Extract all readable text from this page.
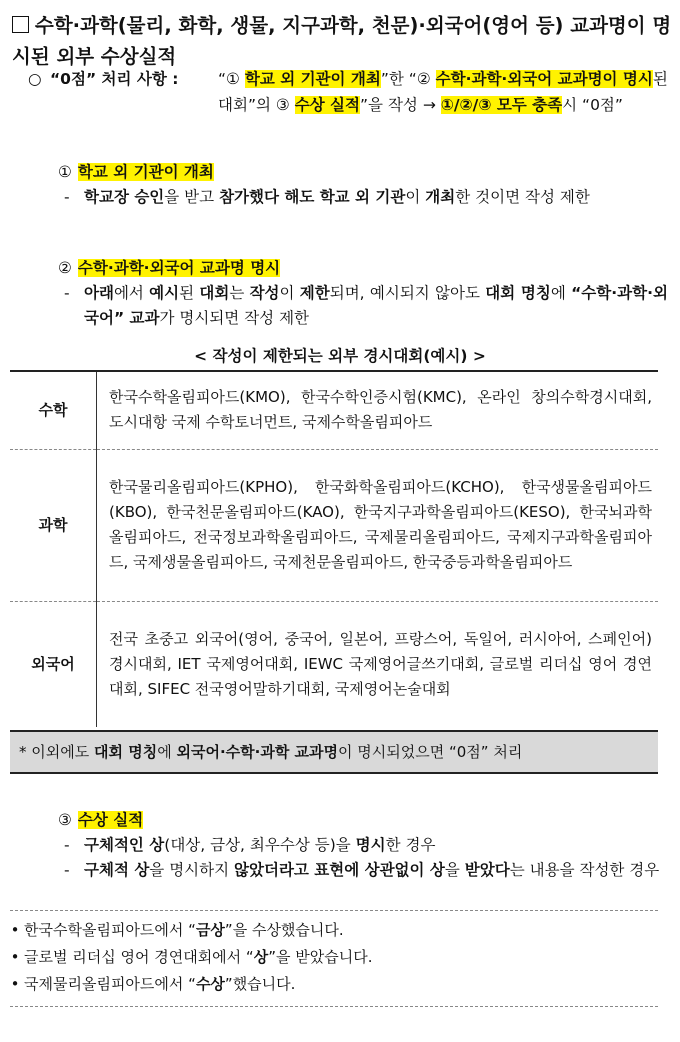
수학·과학(물리, 화학, 생물, 지구과학, 천문)·외국어(영어 등) 교과명이 명시된 외부 수상실적
○ “0점” 처리 사항 :	“① 학교 외 기관이 개최”한 “② 수학·과학·외국어 교과명이 명시된 대회”의 ③ 수상 실적”을 작성 → ①/②/③ 모두 충족시 “0점”
① 학교 외 기관이 개최
- 학교장 승인을 받고 참가했다 해도 학교 외 기관이 개최한 것이면 작성 제한
② 수학·과학·외국어 교과명 명시
- 아래에서 예시된 대회는 작성이 제한되며, 예시되지 않아도 대회 명칭에 “수학·과학·외국어” 교과가 명시되면 작성 제한
< 작성이 제한되는 외부 경시대회(예시) >
수학	한국수학올림피아드(KMO), 한국수학인증시험(KMC), 온라인 창의수학경시대회, 도시대항 국제 수학토너먼트, 국제수학올림피아드
과학	한국물리올림피아드(KPHO), 한국화학올림피아드(KCHO), 한국생물올림피아드(KBO), 한국천문올림피아드(KAO), 한국지구과학올림피아드(KESO), 한국뇌과학올림피아드, 전국정보과학올림피아드, 국제물리올림피아드, 국제지구과학올림피아드, 국제생물올림피아드, 국제천문올림피아드, 한국중등과학올림피아드
외국어	전국 초중고 외국어(영어, 중국어, 일본어, 프랑스어, 독일어, 러시아어, 스페인어) 경시대회, IET 국제영어대회, IEWC 국제영어글쓰기대회, 글로벌 리더십 영어 경연대회, SIFEC 전국영어말하기대회, 국제영어논술대회
* 이외에도 대회 명칭에 외국어·수학·과학 교과명이 명시되었으면 “0점” 처리
③ 수상 실적
- 구체적인 상(대상, 금상, 최우수상 등)을 명시한 경우
- 구체적 상을 명시하지 않았더라고 표현에 상관없이 상을 받았다는 내용을 작성한 경우
• 한국수학올림피아드에서 “금상”을 수상했습니다.
• 글로벌 리더십 영어 경연대회에서 “상”을 받았습니다.
• 국제물리올림피아드에서 “수상”했습니다.
